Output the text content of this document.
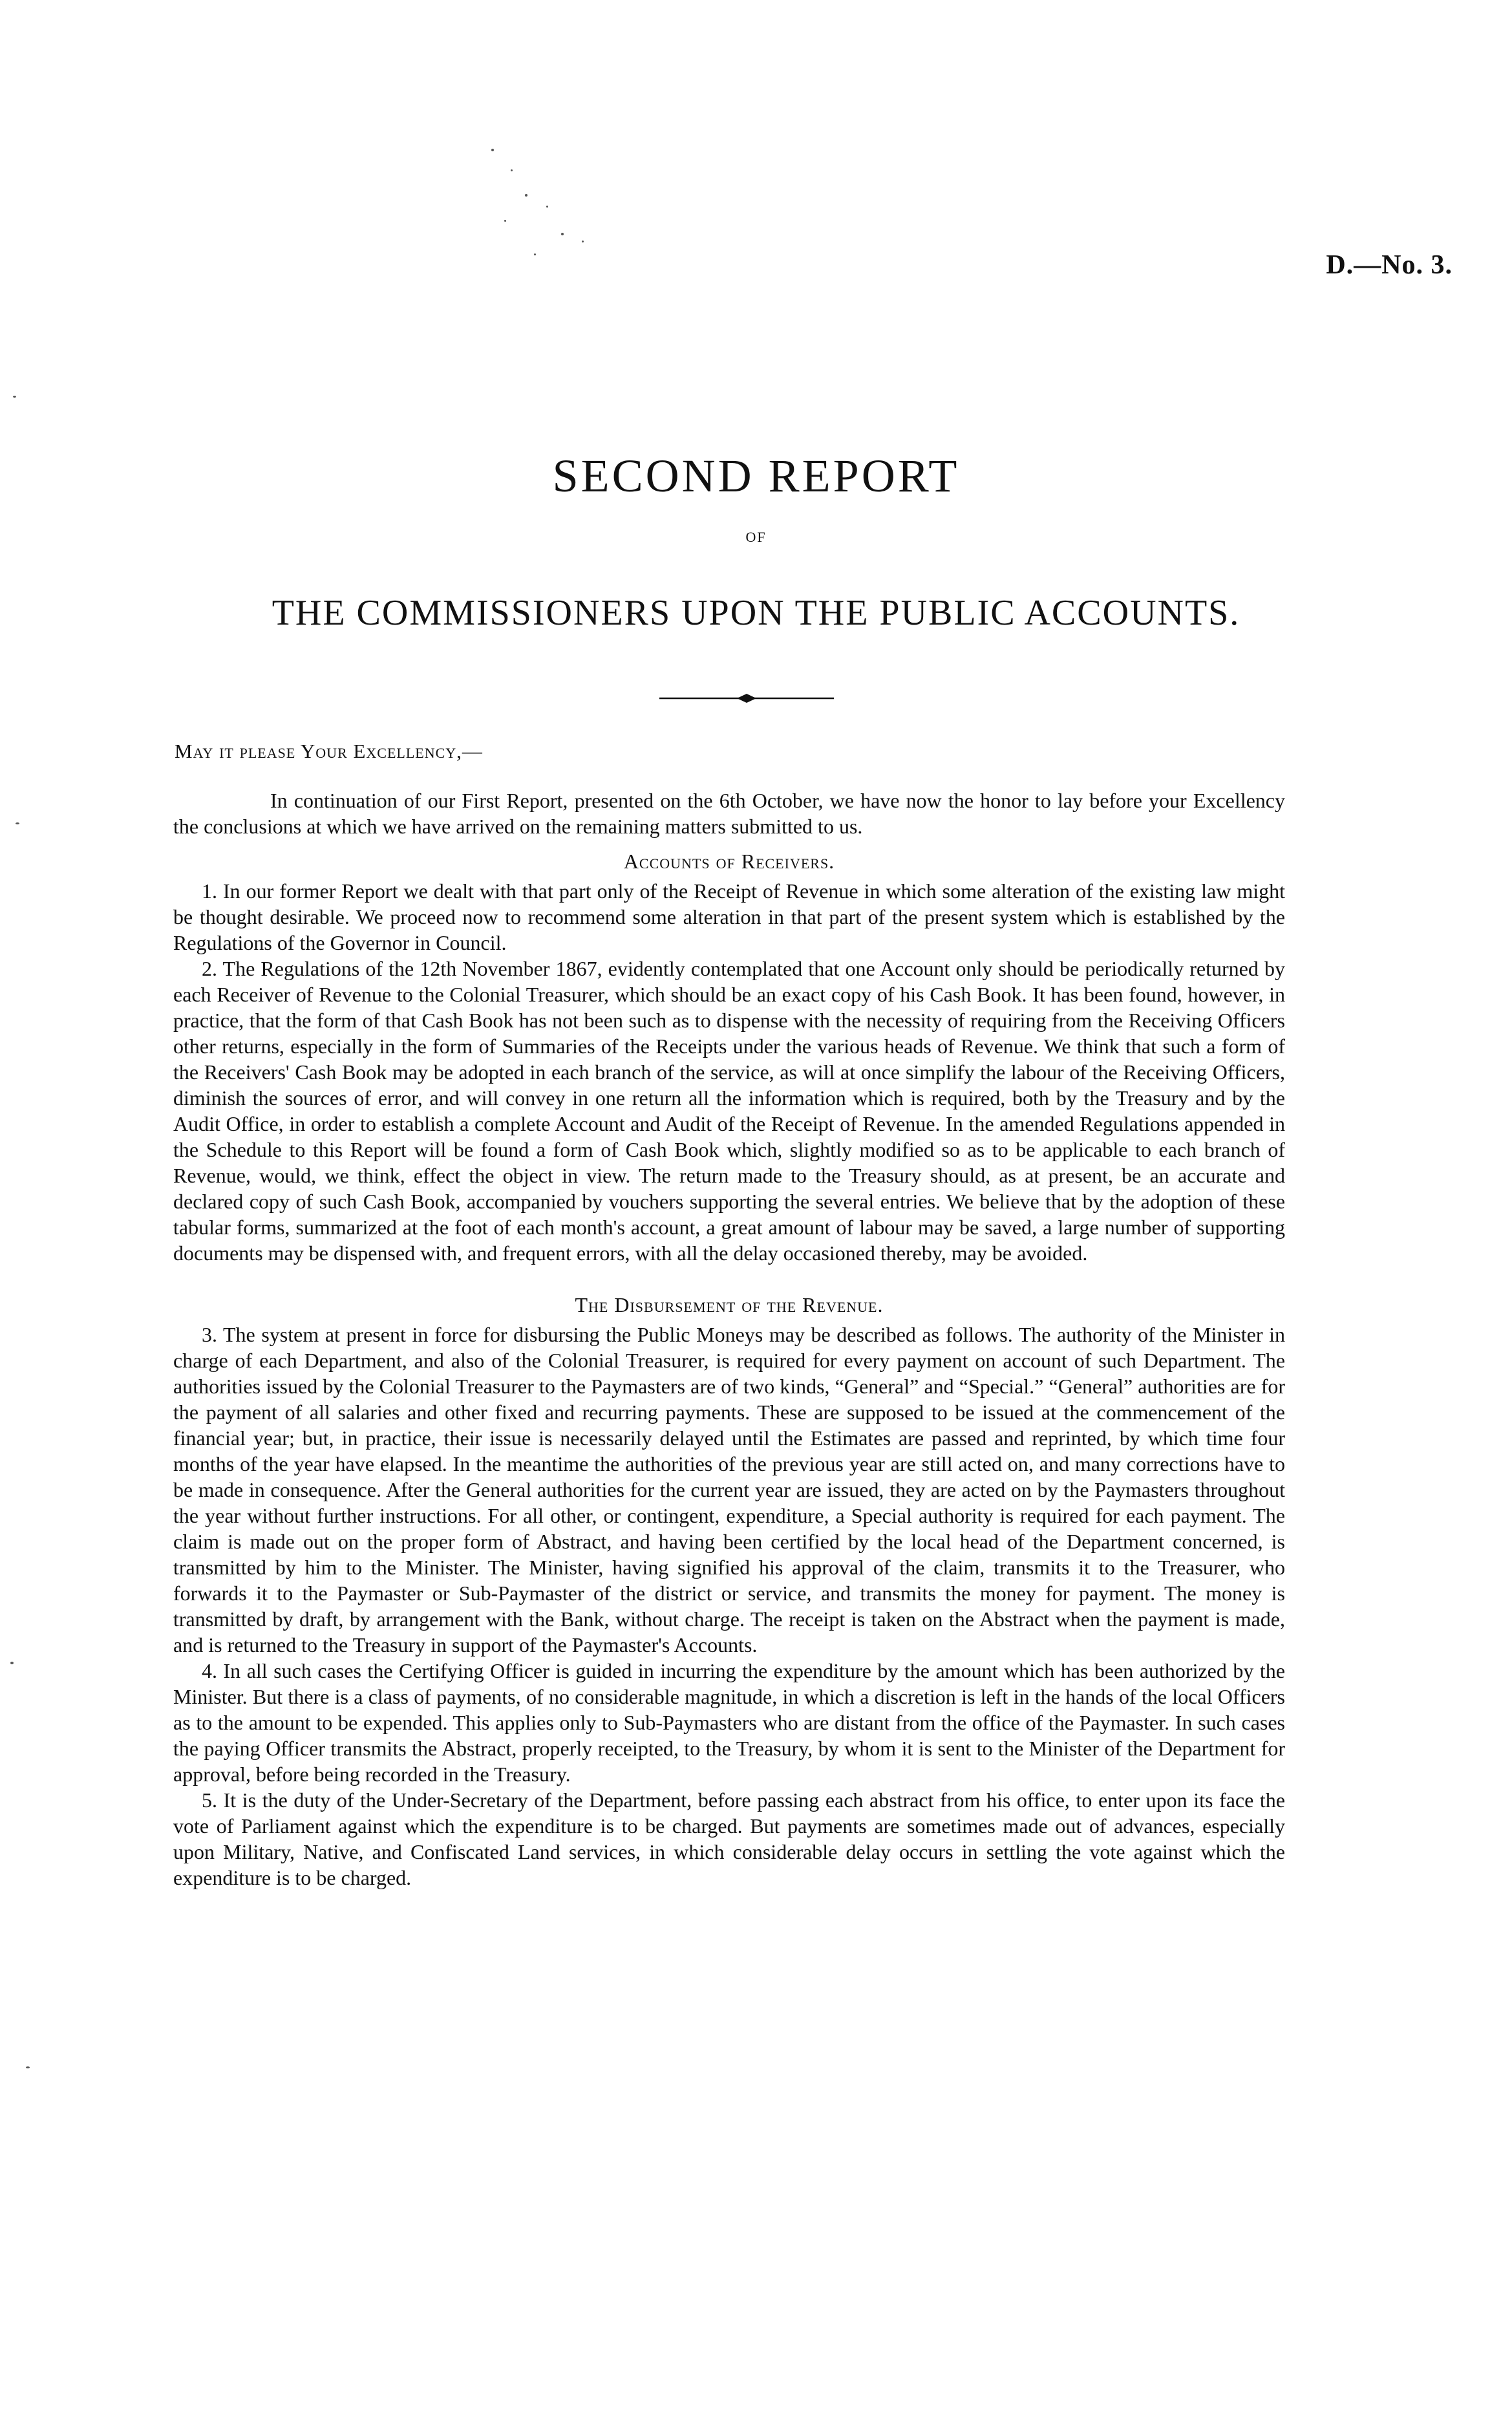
D.—No. 3.
SECOND REPORT
OF
THE COMMISSIONERS UPON THE PUBLIC ACCOUNTS.
May it please Your Excellency,—

In continuation of our First Report, presented on the 6th October, we have now the honor to lay before your Excellency the conclusions at which we have arrived on the remaining matters submitted to us.

Accounts of Receivers.

1. In our former Report we dealt with that part only of the Receipt of Revenue in which some alteration of the existing law might be thought desirable. We proceed now to recommend some alteration in that part of the present system which is established by the Regulations of the Governor in Council.

2. The Regulations of the 12th November 1867, evidently contemplated that one Account only should be periodically returned by each Receiver of Revenue to the Colonial Treasurer, which should be an exact copy of his Cash Book. It has been found, however, in practice, that the form of that Cash Book has not been such as to dispense with the necessity of requiring from the Receiving Officers other returns, especially in the form of Summaries of the Receipts under the various heads of Revenue. We think that such a form of the Receivers' Cash Book may be adopted in each branch of the service, as will at once simplify the labour of the Receiving Officers, diminish the sources of error, and will convey in one return all the information which is required, both by the Treasury and by the Audit Office, in order to establish a complete Account and Audit of the Receipt of Revenue. In the amended Regulations appended in the Schedule to this Report will be found a form of Cash Book which, slightly modified so as to be applicable to each branch of Revenue, would, we think, effect the object in view. The return made to the Treasury should, as at present, be an accurate and declared copy of such Cash Book, accompanied by vouchers supporting the several entries. We believe that by the adoption of these tabular forms, summarized at the foot of each month's account, a great amount of labour may be saved, a large number of supporting documents may be dispensed with, and frequent errors, with all the delay occasioned thereby, may be avoided.

The Disbursement of the Revenue.

3. The system at present in force for disbursing the Public Moneys may be described as follows. The authority of the Minister in charge of each Department, and also of the Colonial Treasurer, is required for every payment on account of such Department. The authorities issued by the Colonial Treasurer to the Paymasters are of two kinds, “General” and “Special.” “General” authorities are for the payment of all salaries and other fixed and recurring payments. These are supposed to be issued at the commencement of the financial year; but, in practice, their issue is necessarily delayed until the Estimates are passed and reprinted, by which time four months of the year have elapsed. In the meantime the authorities of the previous year are still acted on, and many corrections have to be made in consequence. After the General authorities for the current year are issued, they are acted on by the Paymasters throughout the year without further instructions. For all other, or contingent, expenditure, a Special authority is required for each payment. The claim is made out on the proper form of Abstract, and having been certified by the local head of the Department concerned, is transmitted by him to the Minister. The Minister, having signified his approval of the claim, transmits it to the Treasurer, who forwards it to the Paymaster or Sub-Paymaster of the district or service, and transmits the money for payment. The money is transmitted by draft, by arrangement with the Bank, without charge. The receipt is taken on the Abstract when the payment is made, and is returned to the Treasury in support of the Paymaster's Accounts.

4. In all such cases the Certifying Officer is guided in incurring the expenditure by the amount which has been authorized by the Minister. But there is a class of payments, of no considerable magnitude, in which a discretion is left in the hands of the local Officers as to the amount to be expended. This applies only to Sub-Paymasters who are distant from the office of the Paymaster. In such cases the paying Officer transmits the Abstract, properly receipted, to the Treasury, by whom it is sent to the Minister of the Department for approval, before being recorded in the Treasury.

5. It is the duty of the Under-Secretary of the Department, before passing each abstract from his office, to enter upon its face the vote of Parliament against which the expenditure is to be charged. But payments are sometimes made out of advances, especially upon Military, Native, and Confiscated Land services, in which considerable delay occurs in settling the vote against which the expenditure is to be charged.
